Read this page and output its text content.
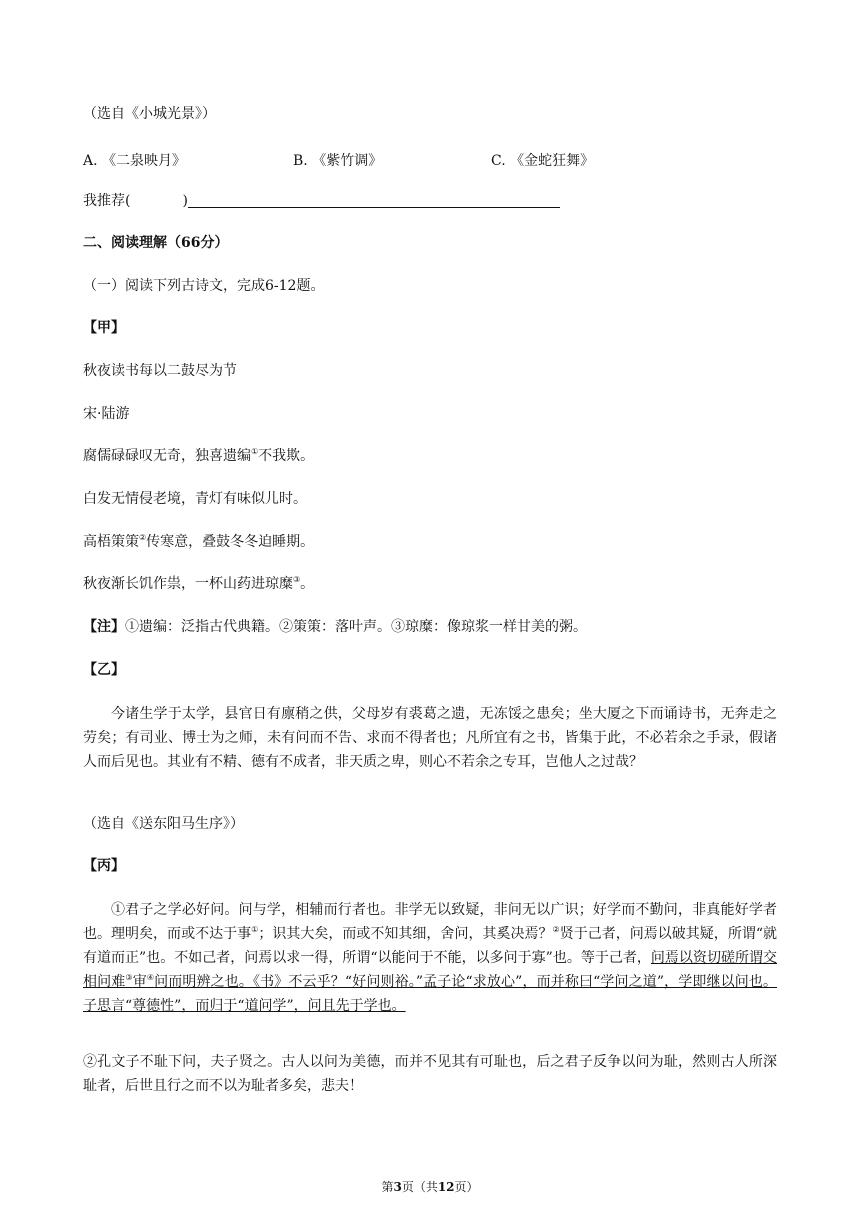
（选自《小城光景》）
A. 《二泉映月》	B. 《紫竹调》	C. 《金蛇狂舞》
我推荐(	)
二、阅读理解（66分）
（一）阅读下列古诗文，完成6-12题。
【甲】
秋夜读书每以二鼓尽为节
宋·陆游
腐儒碌碌叹无奇，独喜遗编①不我欺。
白发无情侵老境，青灯有味似儿时。
高梧策策②传寒意，叠鼓冬冬迫睡期。
秋夜渐长饥作祟，一杯山药进琼糜③。
【注】①遗编：泛指古代典籍。②策策：落叶声。③琼糜：像琼浆一样甘美的粥。
【乙】
今诸生学于太学，县官日有廪稍之供，父母岁有裘葛之遗，无冻馁之患矣；坐大厦之下而诵诗书，无奔走之劳矣；有司业、博士为之师，未有问而不告、求而不得者也；凡所宜有之书，皆集于此，不必若余之手录，假诸人而后见也。其业有不精、德有不成者，非天质之卑，则心不若余之专耳，岂他人之过哉？
（选自《送东阳马生序》）
【丙】
①君子之学必好问。问与学，相辅而行者也。非学无以致疑，非问无以广识；好学而不勤问，非真能好学者也。理明矣，而或不达于事①；识其大矣，而或不知其细，舍问，其奚决焉？②贤于己者，问焉以破其疑，所谓“就有道而正”也。不如己者，问焉以求一得，所谓“以能问于不能，以多问于寡”也。等于己者，问焉以资切磋所谓交相问难③审④问而明辨之也。《书》不云乎？“好问则裕。”孟子论“求放心”，而并称曰“学问之道”，学即继以问也。子思言“尊德性”，而归于“道问学”，问且先于学也。
②孔文子不耻下问，夫子贤之。古人以问为美德，而并不见其有可耻也，后之君子反争以问为耻，然则古人所深耻者，后世且行之而不以为耻者多矣，悲夫！
第3页（共12页）
